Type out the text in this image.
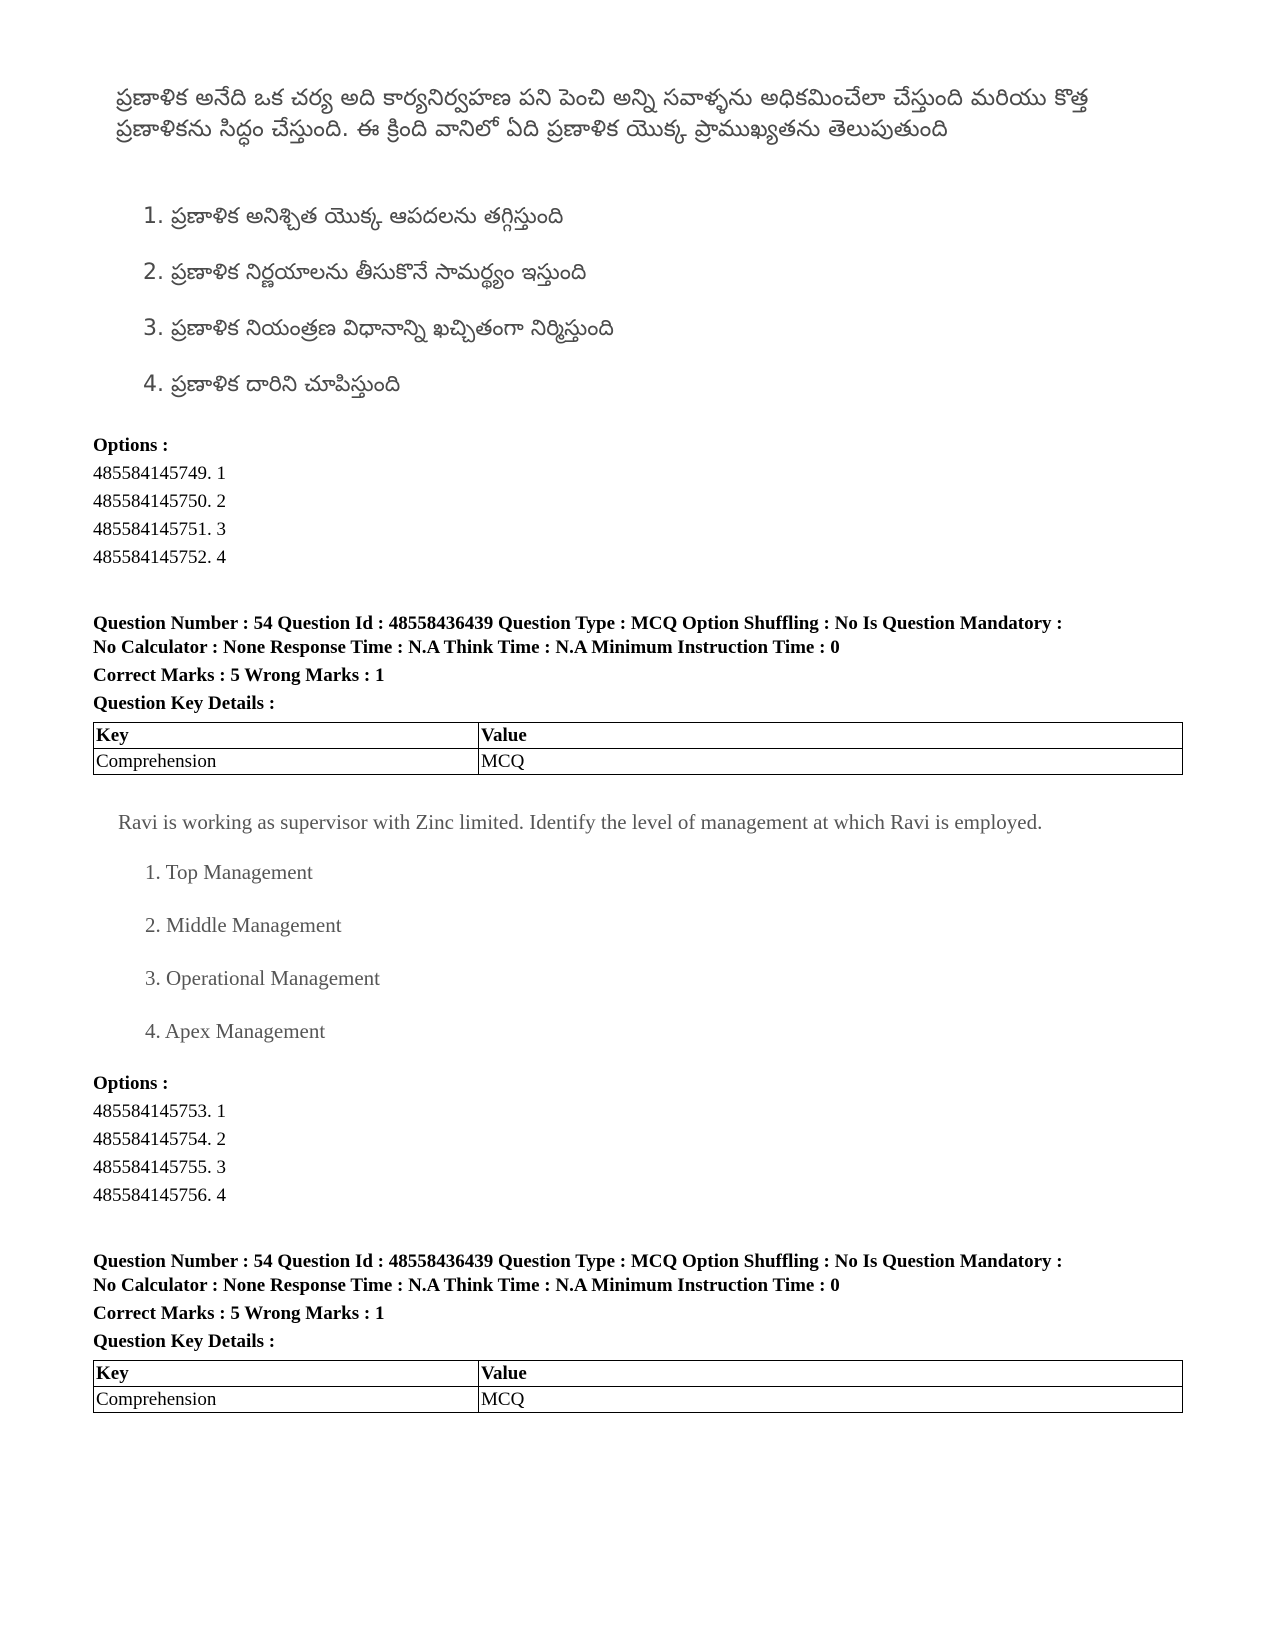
ప్రణాళిక అనేది ఒక చర్య అది కార్యనిర్వహణ పని పెంచి అన్ని సవాళ్ళను అధికమించేలా చేస్తుంది మరియు కొత్త ప్రణాళికను సిద్ధం చేస్తుంది. ఈ క్రింది వానిలో ఏది ప్రణాళిక యొక్క ప్రాముఖ్యతను తెలుపుతుంది
1. ప్రణాళిక అనిశ్చిత యొక్క ఆపదలను తగ్గిస్తుంది
2. ప్రణాళిక నిర్ణయాలను తీసుకొనే సామర్థ్యం ఇస్తుంది
3. ప్రణాళిక నియంత్రణ విధానాన్ని ఖచ్చితంగా నిర్మిస్తుంది
4. ప్రణాళిక దారిని చూపిస్తుంది
Options :
485584145749. 1
485584145750. 2
485584145751. 3
485584145752. 4
Question Number : 54 Question Id : 48558436439 Question Type : MCQ Option Shuffling : No Is Question Mandatory :
No Calculator : None Response Time : N.A Think Time : N.A Minimum Instruction Time : 0
Correct Marks : 5 Wrong Marks : 1
Question Key Details :
Key	Value
Comprehension	MCQ
Ravi is working as supervisor with Zinc limited. Identify the level of management at which Ravi is employed.
1. Top Management
2. Middle Management
3. Operational Management
4. Apex Management
Options :
485584145753. 1
485584145754. 2
485584145755. 3
485584145756. 4
Question Number : 54 Question Id : 48558436439 Question Type : MCQ Option Shuffling : No Is Question Mandatory :
No Calculator : None Response Time : N.A Think Time : N.A Minimum Instruction Time : 0
Correct Marks : 5 Wrong Marks : 1
Question Key Details :
Key	Value
Comprehension	MCQ
